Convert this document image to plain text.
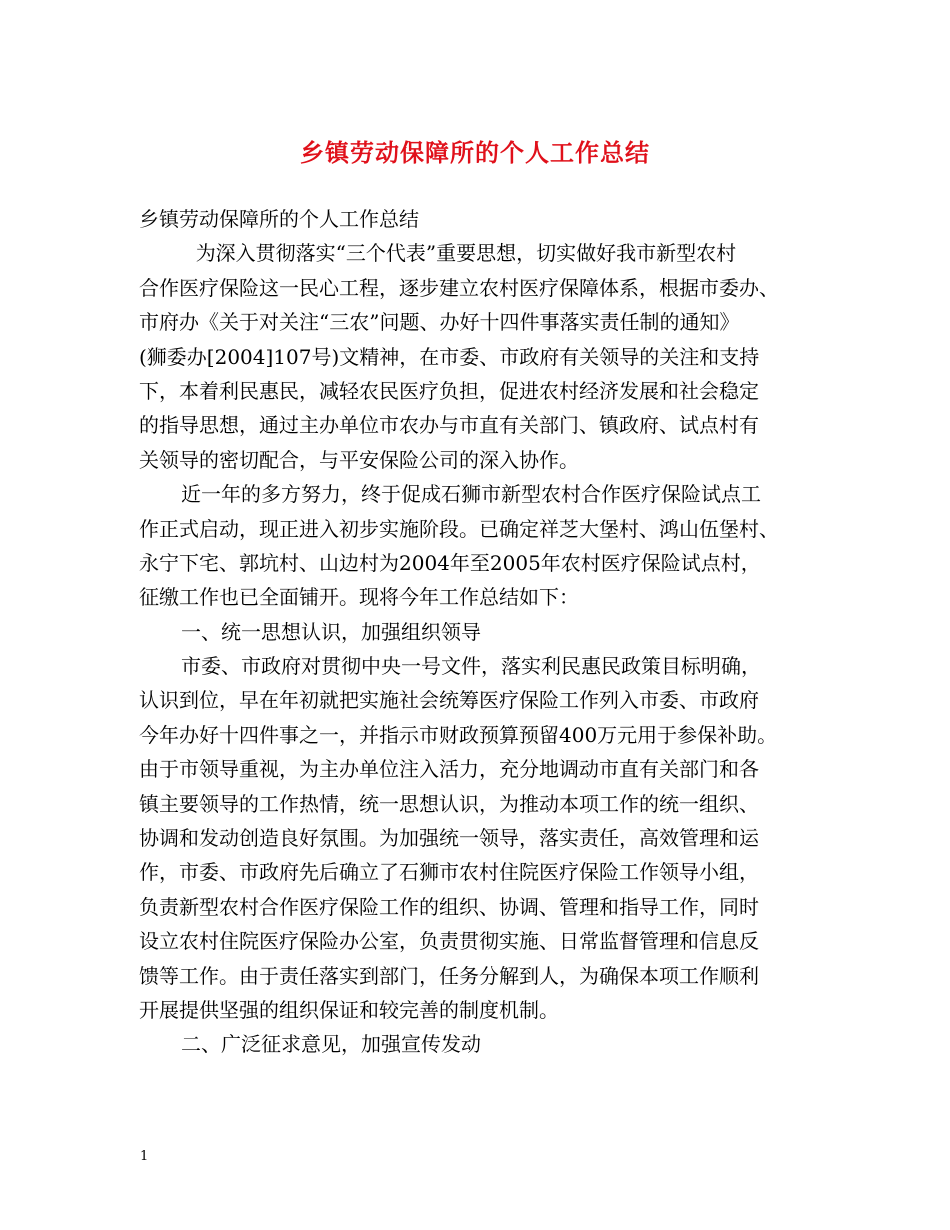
乡镇劳动保障所的个人工作总结
乡镇劳动保障所的个人工作总结
为深入贯彻落实“三个代表”重要思想，切实做好我市新型农村
合作医疗保险这一民心工程，逐步建立农村医疗保障体系，根据市委办、
市府办《关于对关注“三农”问题、办好十四件事落实责任制的通知》
(狮委办[2004]107号)文精神，在市委、市政府有关领导的关注和支持
下，本着利民惠民，减轻农民医疗负担，促进农村经济发展和社会稳定
的指导思想，通过主办单位市农办与市直有关部门、镇政府、试点村有
关领导的密切配合，与平安保险公司的深入协作。
近一年的多方努力，终于促成石狮市新型农村合作医疗保险试点工
作正式启动，现正进入初步实施阶段。已确定祥芝大堡村、鸿山伍堡村、
永宁下宅、郭坑村、山边村为2004年至2005年农村医疗保险试点村，
征缴工作也已全面铺开。现将今年工作总结如下：
一、统一思想认识，加强组织领导
市委、市政府对贯彻中央一号文件，落实利民惠民政策目标明确，
认识到位，早在年初就把实施社会统筹医疗保险工作列入市委、市政府
今年办好十四件事之一，并指示市财政预算预留400万元用于参保补助。
由于市领导重视，为主办单位注入活力，充分地调动市直有关部门和各
镇主要领导的工作热情，统一思想认识，为推动本项工作的统一组织、
协调和发动创造良好氛围。为加强统一领导，落实责任，高效管理和运
作，市委、市政府先后确立了石狮市农村住院医疗保险工作领导小组，
负责新型农村合作医疗保险工作的组织、协调、管理和指导工作，同时
设立农村住院医疗保险办公室，负责贯彻实施、日常监督管理和信息反
馈等工作。由于责任落实到部门，任务分解到人，为确保本项工作顺利
开展提供坚强的组织保证和较完善的制度机制。
二、广泛征求意见，加强宣传发动
1
